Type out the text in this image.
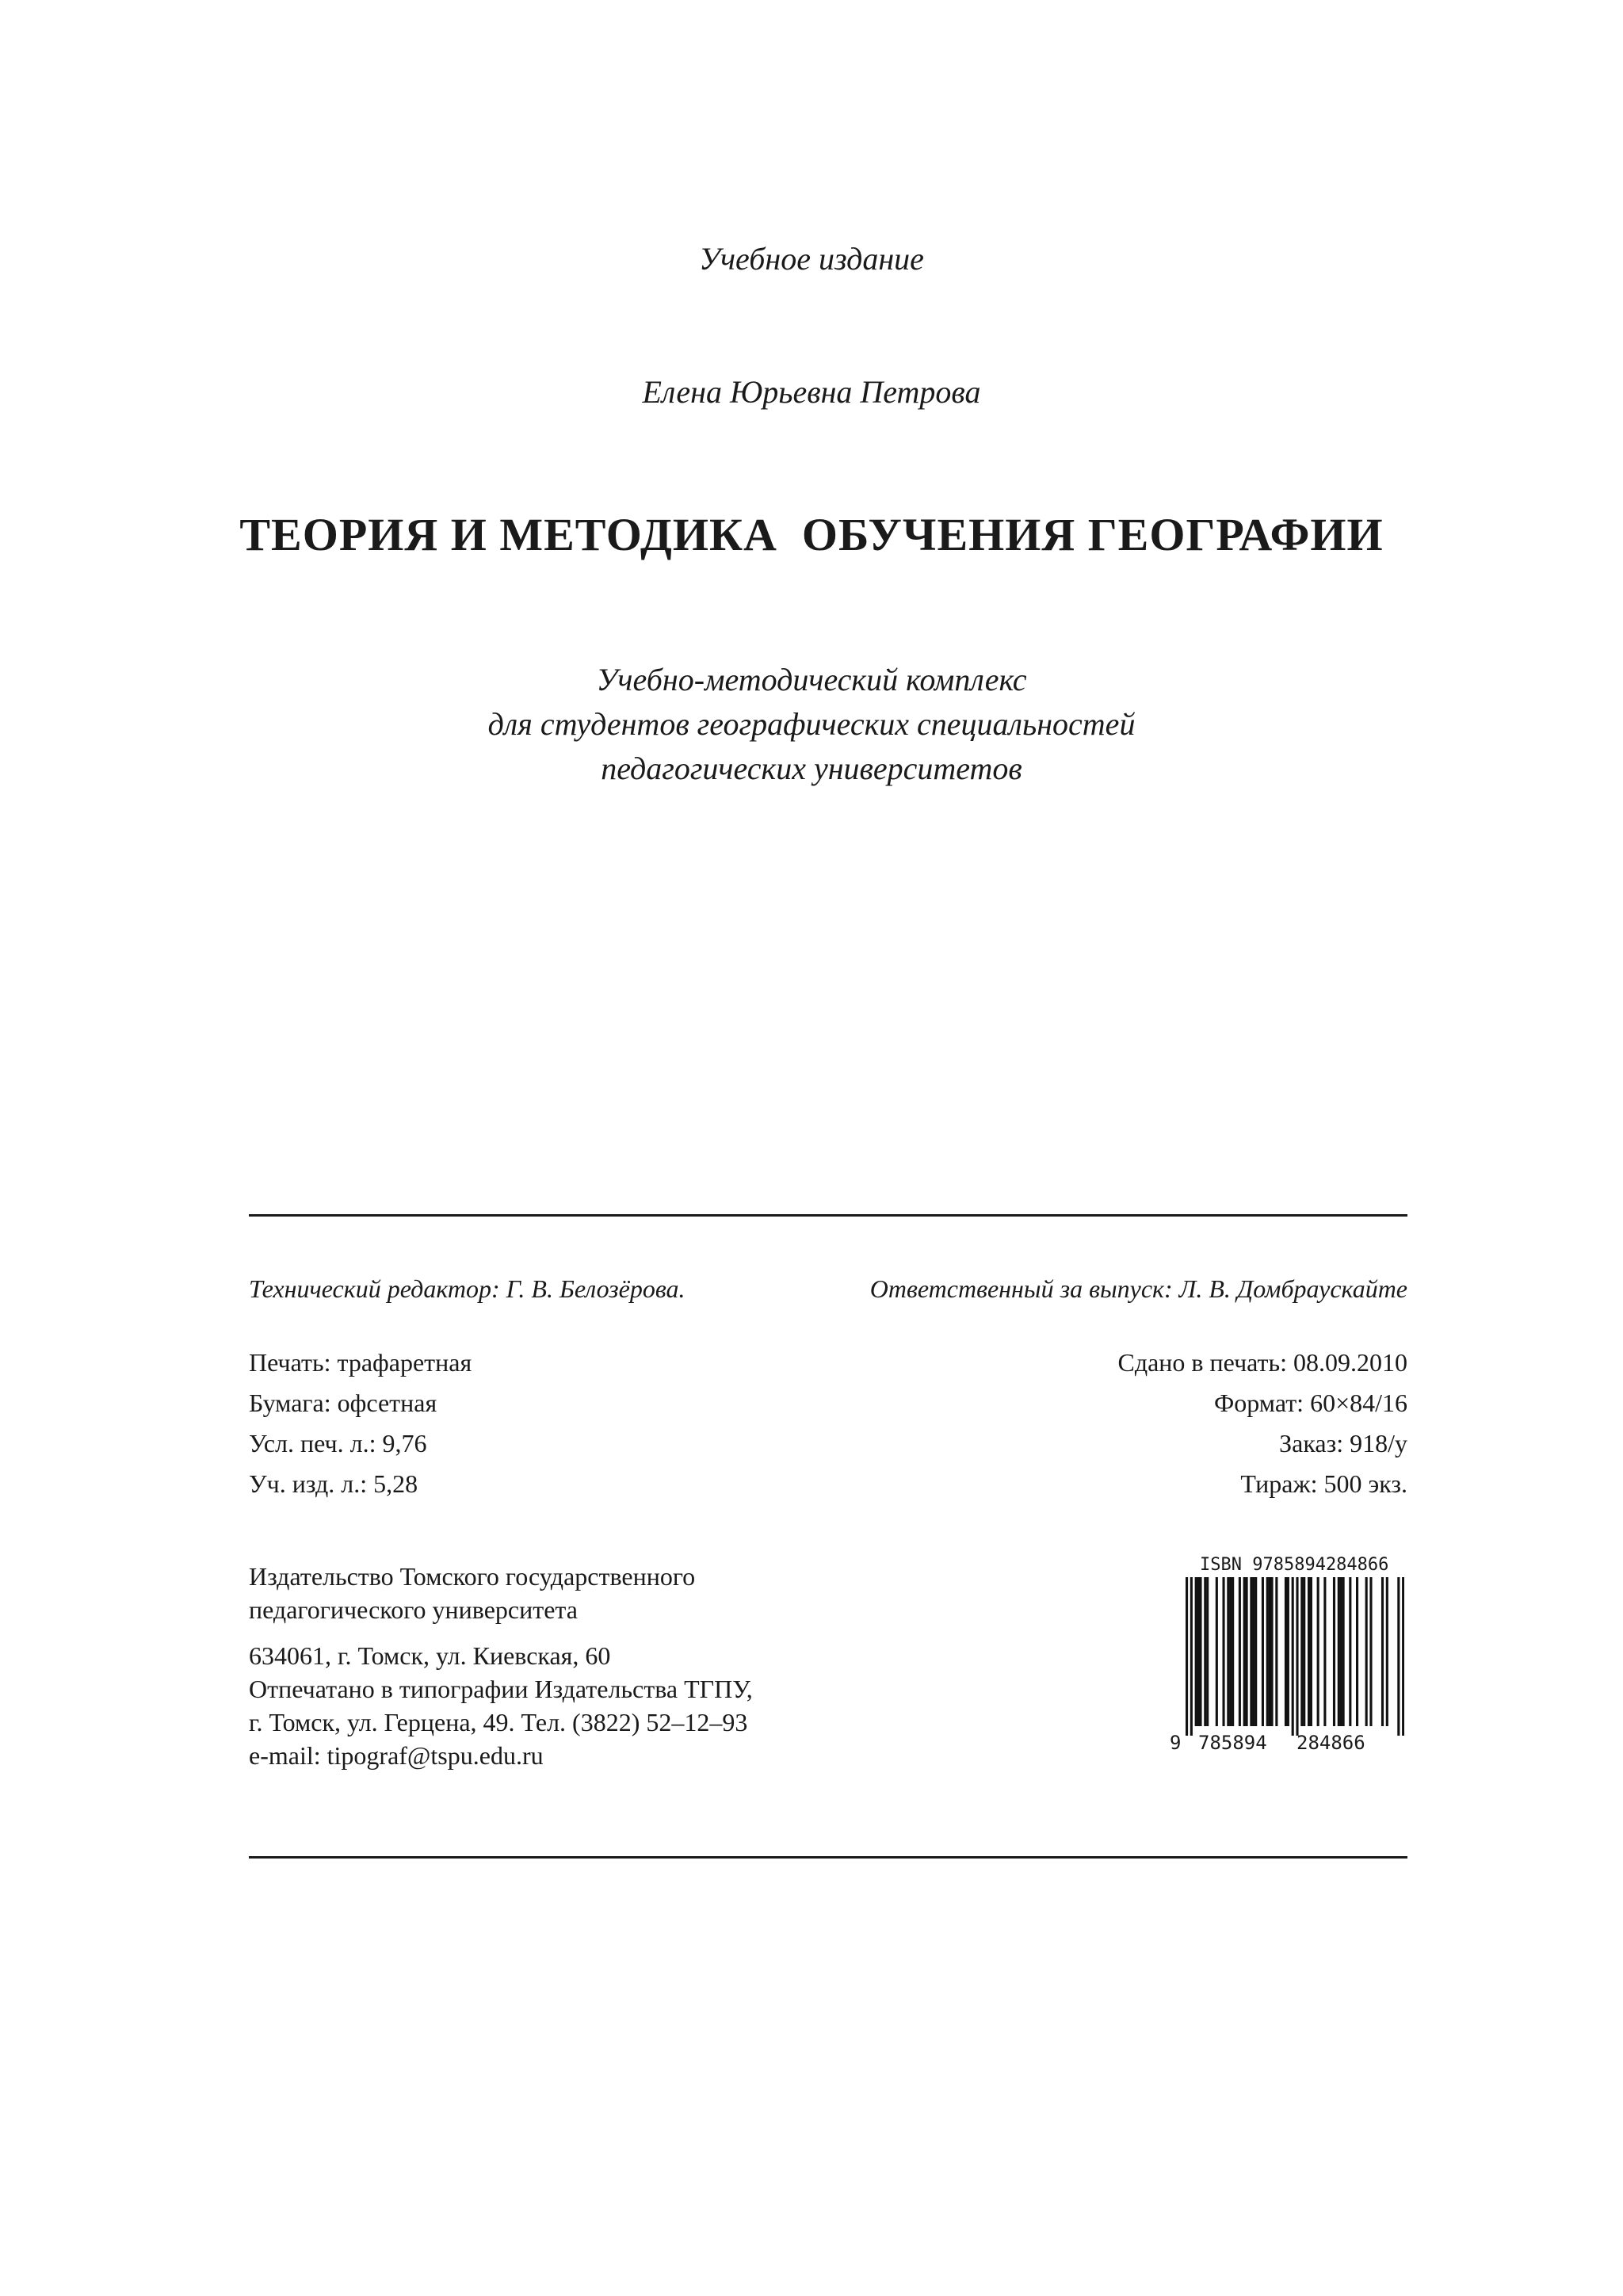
Учебное издание
Елена Юрьевна Петрова
ТЕОРИЯ И МЕТОДИКА  ОБУЧЕНИЯ ГЕОГРАФИИ
Учебно-методический комплекс
для студентов географических специальностей
педагогических университетов
Технический редактор: Г. В. Белозёрова.	Ответственный за выпуск: Л. В. Домбраускайте
Печать: трафаретная
Бумага: офсетная
Усл. печ. л.: 9,76
Уч. изд. л.: 5,28
Сдано в печать: 08.09.2010
Формат: 60×84/16
Заказ: 918/у
Тираж: 500 экз.
Издательство Томского государственного
педагогического университета
634061, г. Томск, ул. Киевская, 60
Отпечатано в типографии Издательства ТГПУ,
г. Томск, ул. Герцена, 49. Тел. (3822) 52–12–93
e-mail: tipograf@tspu.edu.ru
ISBN 9785894284866
9 785894 284866
